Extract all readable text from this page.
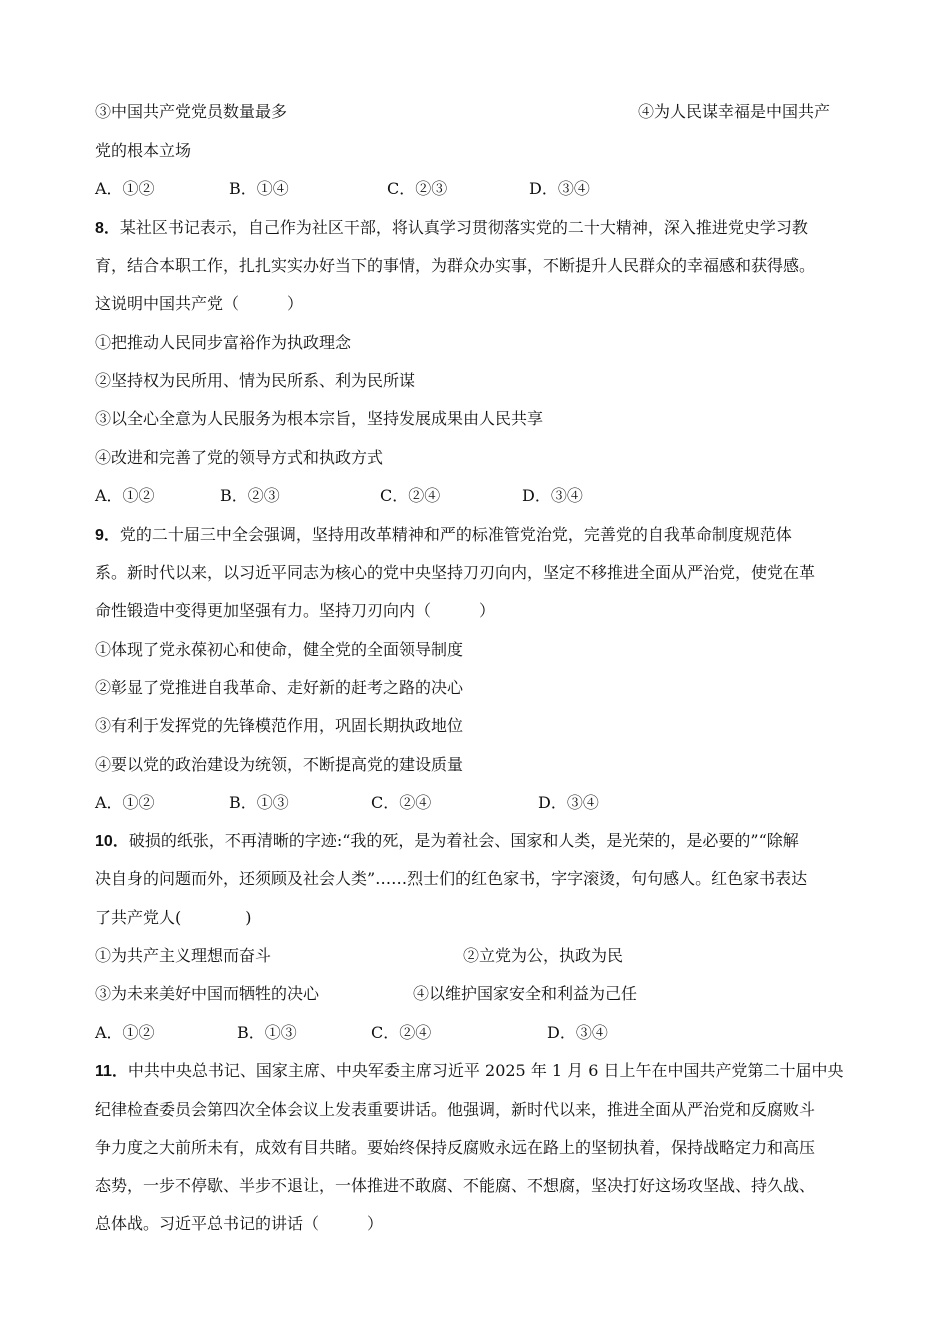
③中国共产党党员数量最多	④为人民谋幸福是中国共产
党的根本立场
A．①②	B．①④	C．②③	D．③④
8．某社区书记表示，自己作为社区干部，将认真学习贯彻落实党的二十大精神，深入推进党史学习教
育，结合本职工作，扎扎实实办好当下的事情，为群众办实事，不断提升人民群众的幸福感和获得感。
这说明中国共产党（　　　）
①把推动人民同步富裕作为执政理念
②坚持权为民所用、情为民所系、利为民所谋
③以全心全意为人民服务为根本宗旨，坚持发展成果由人民共享
④改进和完善了党的领导方式和执政方式
A．①②	B．②③	C．②④	D．③④
9．党的二十届三中全会强调，坚持用改革精神和严的标准管党治党，完善党的自我革命制度规范体
系。新时代以来，以习近平同志为核心的党中央坚持刀刃向内，坚定不移推进全面从严治党，使党在革
命性锻造中变得更加坚强有力。坚持刀刃向内（　　　）
①体现了党永葆初心和使命，健全党的全面领导制度
②彰显了党推进自我革命、走好新的赶考之路的决心
③有利于发挥党的先锋模范作用，巩固长期执政地位
④要以党的政治建设为统领，不断提高党的建设质量
A．①②	B．①③	C．②④	D．③④
10．破损的纸张，不再清晰的字迹:“我的死，是为着社会、国家和人类，是光荣的，是必要的”“除解
决自身的问题而外，还须顾及社会人类”……烈士们的红色家书，字字滚烫，句句感人。红色家书表达
了共产党人(　　　　)
①为共产主义理想而奋斗	②立党为公，执政为民
③为未来美好中国而牺牲的决心	④以维护国家安全和利益为己任
A．①②	B．①③	C．②④	D．③④
11．中共中央总书记、国家主席、中央军委主席习近平 2025 年 1 月 6 日上午在中国共产党第二十届中央
纪律检查委员会第四次全体会议上发表重要讲话。他强调，新时代以来，推进全面从严治党和反腐败斗
争力度之大前所未有，成效有目共睹。要始终保持反腐败永远在路上的坚韧执着，保持战略定力和高压
态势，一步不停歇、半步不退让，一体推进不敢腐、不能腐、不想腐，坚决打好这场攻坚战、持久战、
总体战。习近平总书记的讲话（　　　）
